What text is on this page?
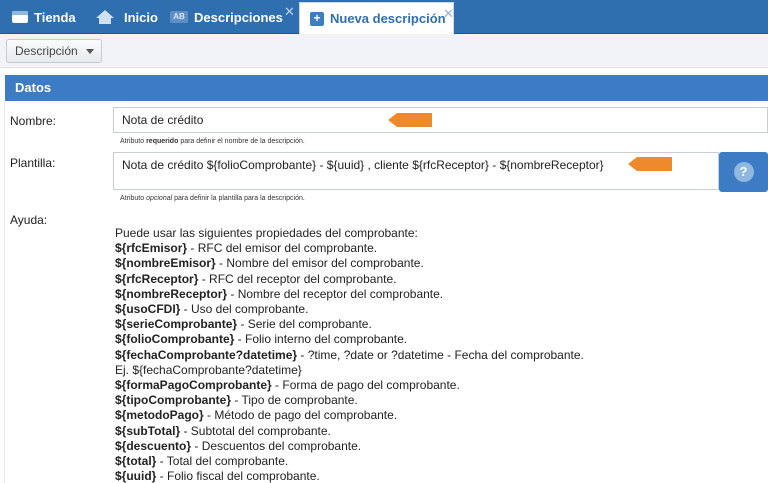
Tienda	Inicio	AB Descripciones ✕ + Nueva descripción
✕
Descripción
Datos
Nombre:	Nota de crédito
Atributo requerido para definir el nombre de la descripción.
Plantilla:	Nota de crédito ${folioComprobante} - ${uuid} , cliente ${rfcReceptor} - ${nombreReceptor}	?
Atributo opcional para definir la plantilla para la descripción.
Ayuda:
Puede usar las siguientes propiedades del comprobante:
${rfcEmisor} - RFC del emisor del comprobante.
${nombreEmisor} - Nombre del emisor del comprobante.
${rfcReceptor} - RFC del receptor del comprobante.
${nombreReceptor} - Nombre del receptor del comprobante.
${usoCFDI} - Uso del comprobante.
${serieComprobante} - Serie del comprobante.
${folioComprobante} - Folio interno del comprobante.
${fechaComprobante?datetime} - ?time, ?date or ?datetime - Fecha del comprobante.
Ej. ${fechaComprobante?datetime}
${formaPagoComprobante} - Forma de pago del comprobante.
${tipoComprobante} - Tipo de comprobante.
${metodoPago} - Método de pago del comprobante.
${subTotal} - Subtotal del comprobante.
${descuento} - Descuentos del comprobante.
${total} - Total del comprobante.
${uuid} - Folio fiscal del comprobante.
